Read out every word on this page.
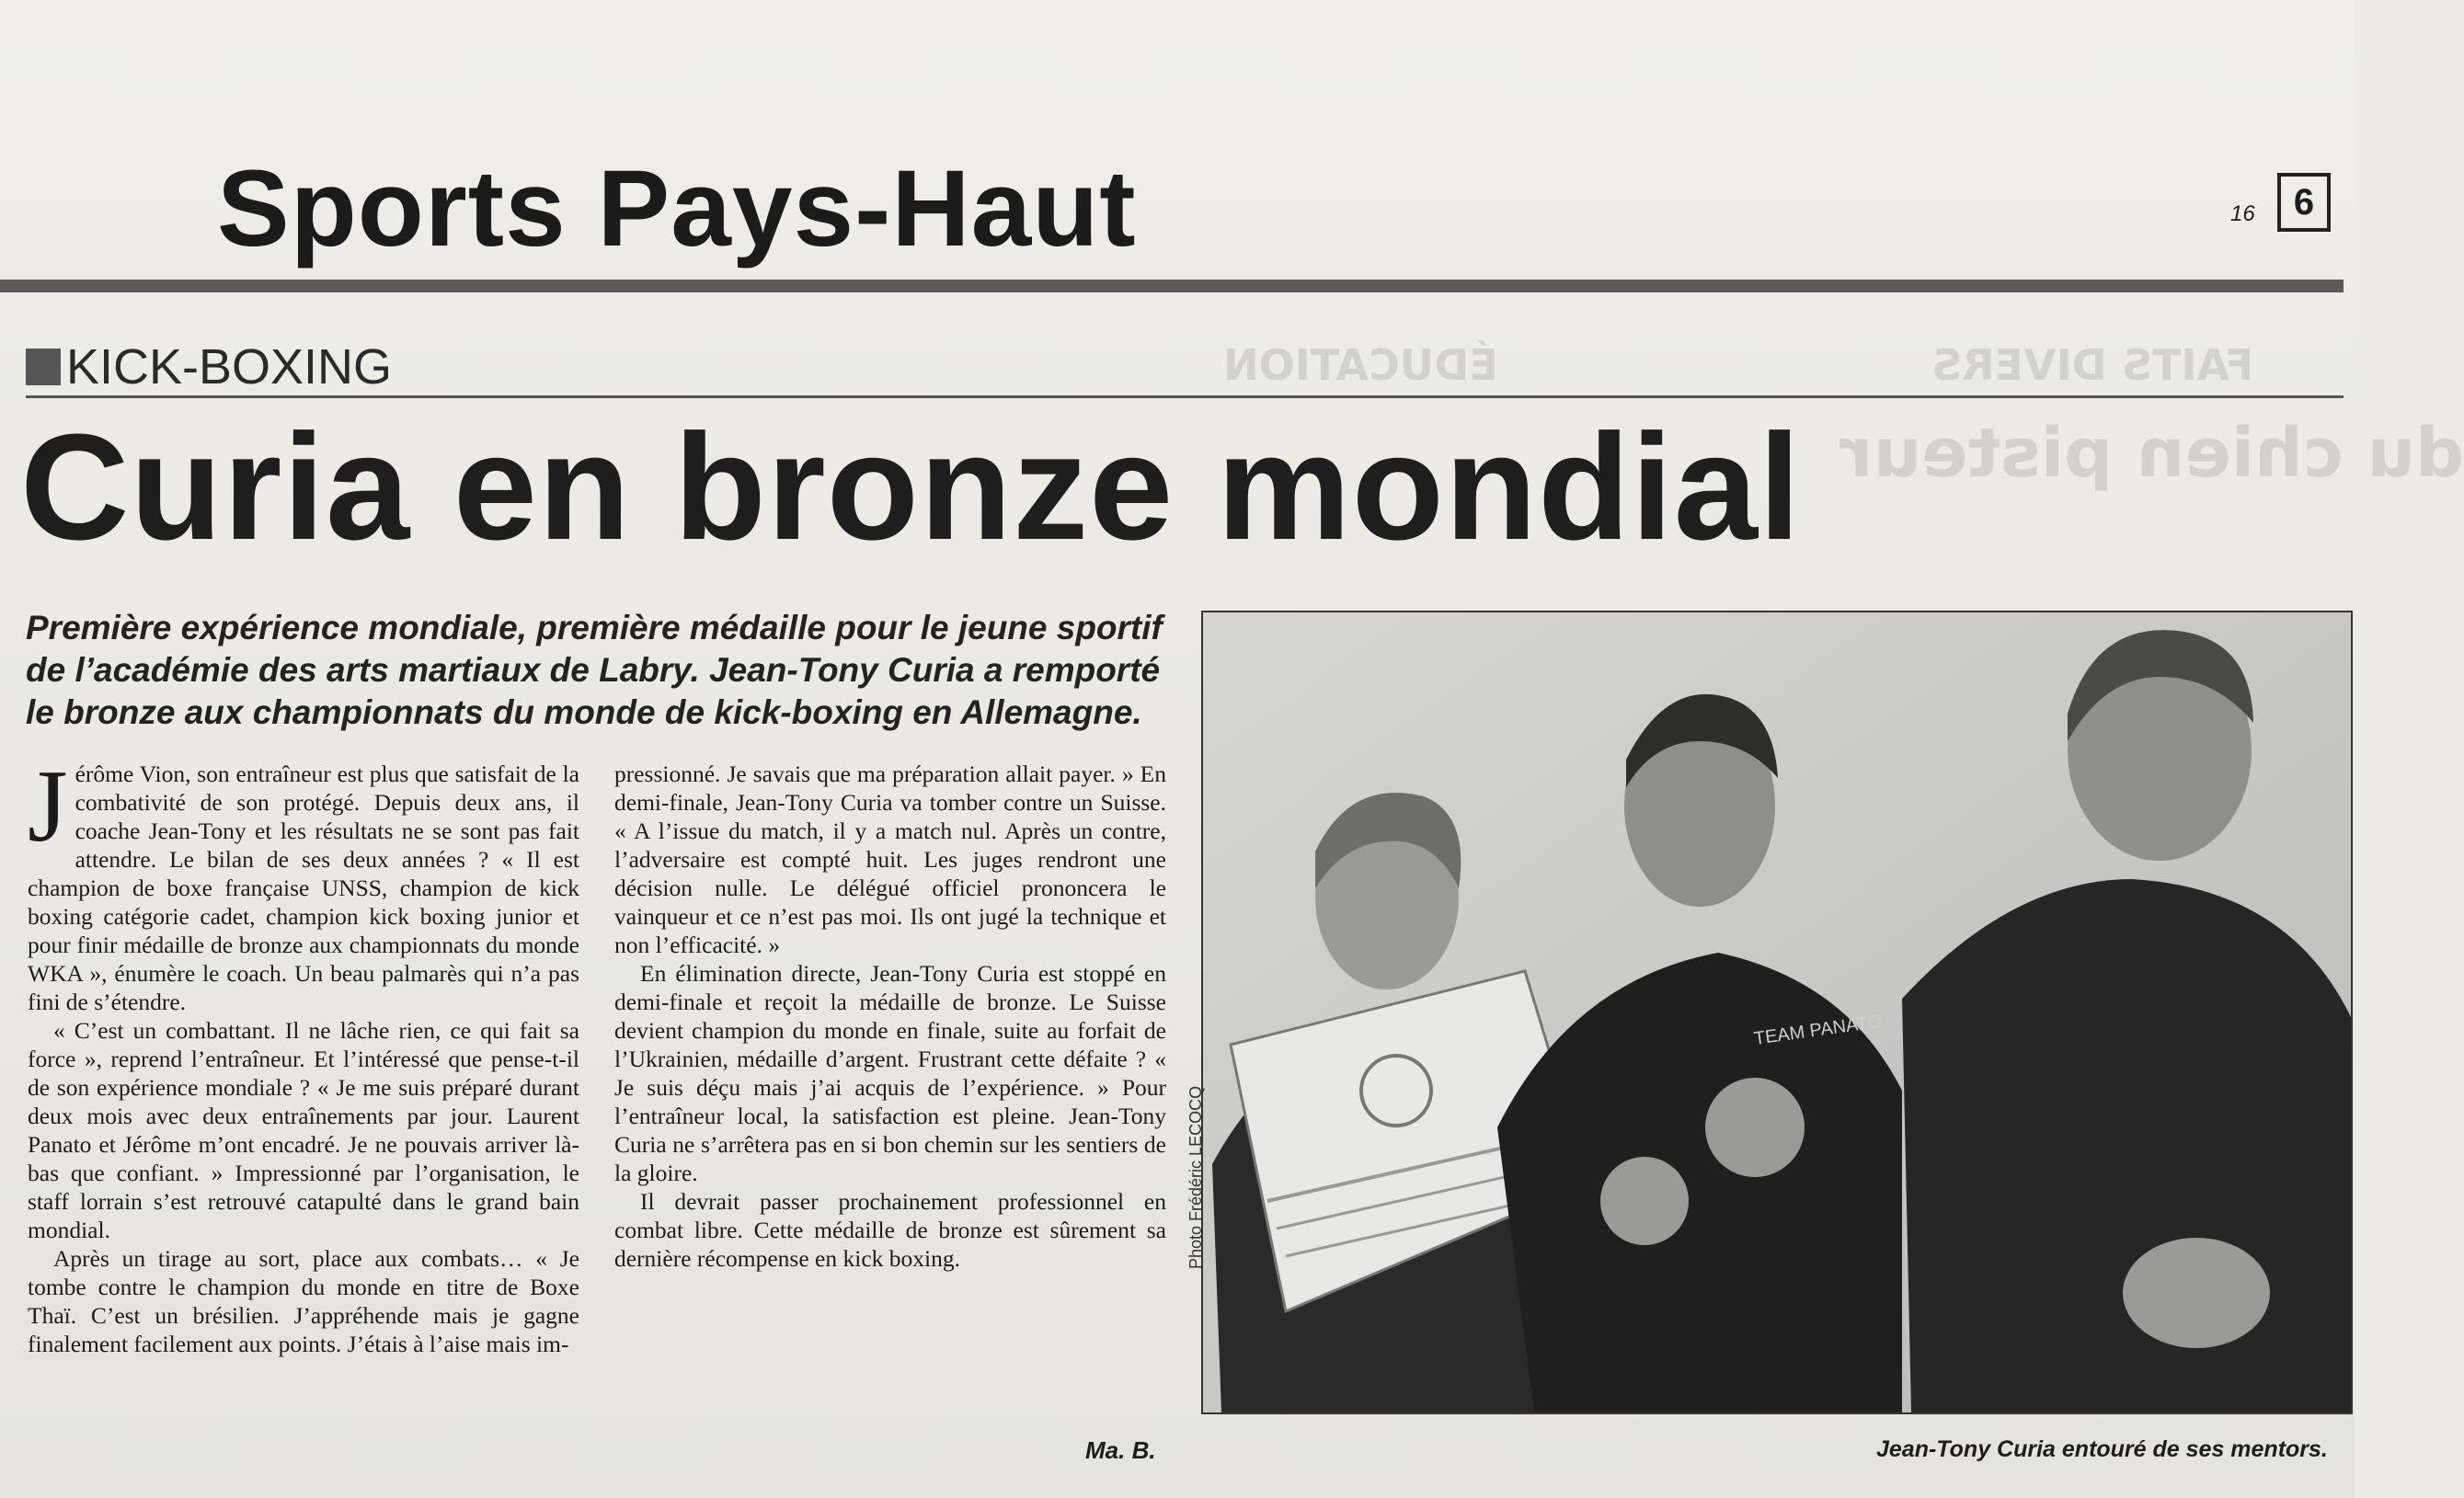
FAITS DIVERS
ÉDUCATION
du chien pisteur
16	6
Sports Pays-Haut
KICK-BOXING
Curia en bronze mondial
Première expérience mondiale, première médaille pour le jeune sportif de l’académie des arts martiaux de Labry. Jean-Tony Curia a remporté le bronze aux championnats du monde de kick-boxing en Allemagne.
J érôme Vion, son entraîneur est plus que satisfait de la combativité de son protégé. Depuis deux ans, il coache Jean-Tony et les résultats ne se sont pas fait attendre. Le bilan de ses deux années ? « Il est champion de boxe française UNSS, champion de kick boxing catégorie cadet, champion kick boxing junior et pour finir médaille de bronze aux championnats du monde WKA », énumère le coach. Un beau palmarès qui n’a pas fini de s’étendre.

« C’est un combattant. Il ne lâche rien, ce qui fait sa force », reprend l’entraîneur. Et l’intéressé que pense-t-il de son expérience mondiale ? « Je me suis préparé durant deux mois avec deux entraînements par jour. Laurent Panato et Jérôme m’ont encadré. Je ne pouvais arriver là-bas que confiant. » Impressionné par l’organisation, le staff lorrain s’est retrouvé catapulté dans le grand bain mondial.

Après un tirage au sort, place aux combats… « Je tombe contre le champion du monde en titre de Boxe Thaï. C’est un brésilien. J’appréhende mais je gagne finalement facilement aux points. J’étais à l’aise mais im-

pressionné. Je savais que ma préparation allait payer. » En demi-finale, Jean-Tony Curia va tomber contre un Suisse. « A l’issue du match, il y a match nul. Après un contre, l’adversaire est compté huit. Les juges rendront une décision nulle. Le délégué officiel prononcera le vainqueur et ce n’est pas moi. Ils ont jugé la technique et non l’efficacité. »

En élimination directe, Jean-Tony Curia est stoppé en demi-finale et reçoit la médaille de bronze. Le Suisse devient champion du monde en finale, suite au forfait de l’Ukrainien, médaille d’argent. Frustrant cette défaite ? « Je suis déçu mais j’ai acquis de l’expérience. » Pour l’entraîneur local, la satisfaction est pleine. Jean-Tony Curia ne s’arrêtera pas en si bon chemin sur les sentiers de la gloire.

Il devrait passer prochainement professionnel en combat libre. Cette médaille de bronze est sûrement sa dernière récompense en kick boxing.

Ma. B.
TEAM PANATO
Photo Frédéric LECOCQ
Jean-Tony Curia entouré de ses mentors.
